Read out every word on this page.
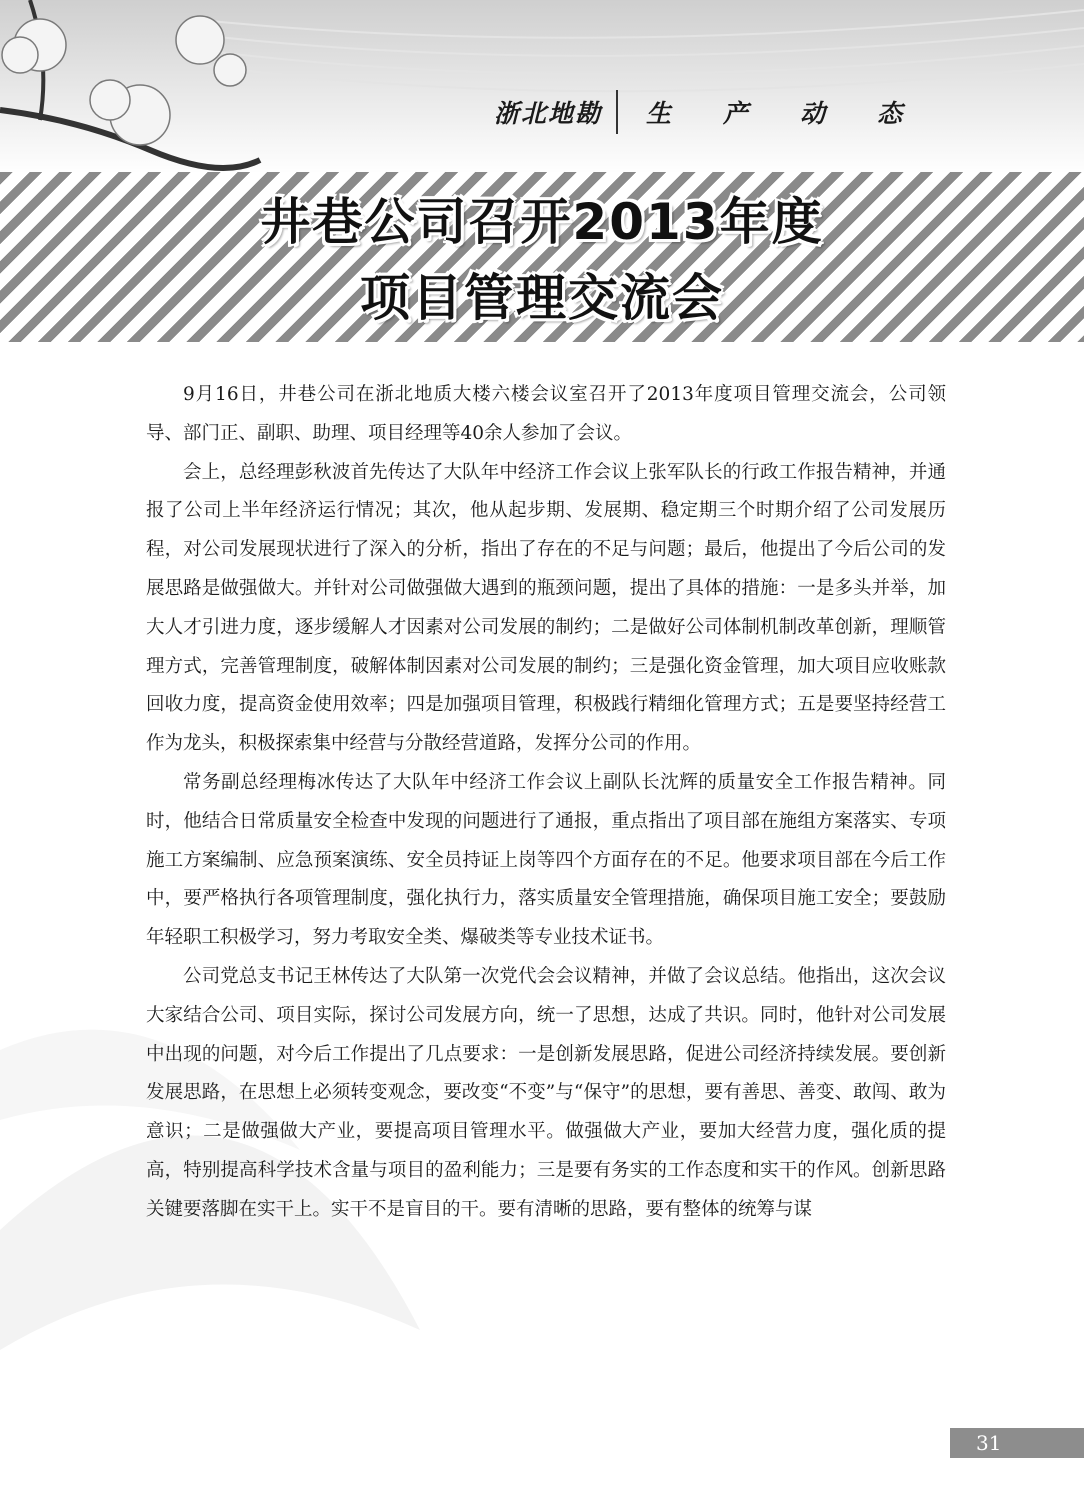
浙北地勘	生产动态
井巷公司召开2013年度
项目管理交流会

9月16日，井巷公司在浙北地质大楼六楼会议室召开了2013年度项目管理交流会，公司领导、部门正、副职、助理、项目经理等40余人参加了会议。

会上，总经理彭秋波首先传达了大队年中经济工作会议上张军队长的行政工作报告精神，并通报了公司上半年经济运行情况；其次，他从起步期、发展期、稳定期三个时期介绍了公司发展历程，对公司发展现状进行了深入的分析，指出了存在的不足与问题；最后，他提出了今后公司的发展思路是做强做大。并针对公司做强做大遇到的瓶颈问题，提出了具体的措施：一是多头并举，加大人才引进力度，逐步缓解人才因素对公司发展的制约；二是做好公司体制机制改革创新，理顺管理方式，完善管理制度，破解体制因素对公司发展的制约；三是强化资金管理，加大项目应收账款回收力度，提高资金使用效率；四是加强项目管理，积极践行精细化管理方式；五是要坚持经营工作为龙头，积极探索集中经营与分散经营道路，发挥分公司的作用。

常务副总经理梅冰传达了大队年中经济工作会议上副队长沈辉的质量安全工作报告精神。同时，他结合日常质量安全检查中发现的问题进行了通报，重点指出了项目部在施组方案落实、专项施工方案编制、应急预案演练、安全员持证上岗等四个方面存在的不足。他要求项目部在今后工作中，要严格执行各项管理制度，强化执行力，落实质量安全管理措施，确保项目施工安全；要鼓励年轻职工积极学习，努力考取安全类、爆破类等专业技术证书。

公司党总支书记王林传达了大队第一次党代会会议精神，并做了会议总结。他指出，这次会议大家结合公司、项目实际，探讨公司发展方向，统一了思想，达成了共识。同时，他针对公司发展中出现的问题，对今后工作提出了几点要求：一是创新发展思路，促进公司经济持续发展。要创新发展思路，在思想上必须转变观念，要改变“不变”与“保守”的思想，要有善思、善变、敢闯、敢为意识；二是做强做大产业，要提高项目管理水平。做强做大产业，要加大经营力度，强化质的提高，特别提高科学技术含量与项目的盈利能力；三是要有务实的工作态度和实干的作风。创新思路关键要落脚在实干上。实干不是盲目的干。要有清晰的思路，要有整体的统筹与谋

31
